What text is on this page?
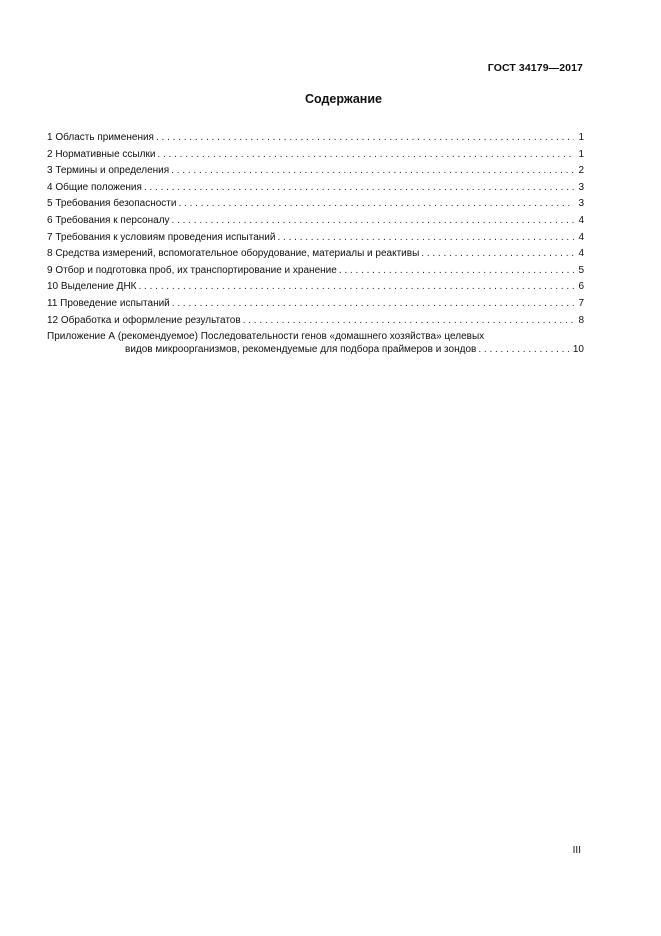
ГОСТ 34179—2017
Содержание
1 Область применения . . .	1
2 Нормативные ссылки . . .	1
3 Термины и определения . . .	2
4 Общие положения . . .	3
5 Требования безопасности . . .	3
6 Требования к персоналу . . .	4
7 Требования к условиям проведения испытаний . . .	4
8 Средства измерений, вспомогательное оборудование, материалы и реактивы . . .	4
9 Отбор и подготовка проб, их транспортирование и хранение . . .	5
10 Выделение ДНК . . .	6
11 Проведение испытаний . . .	7
12 Обработка и оформление результатов . . .	8
Приложение А (рекомендуемое) Последовательности генов «домашнего хозяйства» целевых
видов микроорганизмов, рекомендуемые для подбора праймеров и зондов . . .	10
III
